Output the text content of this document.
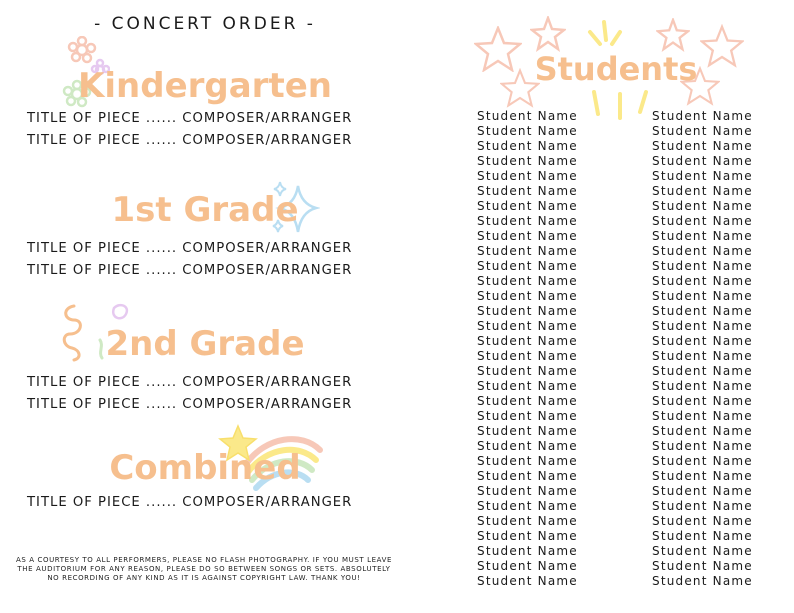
- CONCERT ORDER -
Kindergarten
TITLE OF PIECE ...... COMPOSER/ARRANGER
TITLE OF PIECE ...... COMPOSER/ARRANGER
1st Grade
TITLE OF PIECE ...... COMPOSER/ARRANGER
TITLE OF PIECE ...... COMPOSER/ARRANGER
2nd Grade
TITLE OF PIECE ...... COMPOSER/ARRANGER
TITLE OF PIECE ...... COMPOSER/ARRANGER
Combined
TITLE OF PIECE ...... COMPOSER/ARRANGER
AS A COURTESY TO ALL PERFORMERS, PLEASE NO FLASH PHOTOGRAPHY. IF YOU MUST LEAVE THE AUDITORIUM FOR ANY REASON, PLEASE DO SO BETWEEN SONGS OR SETS. ABSOLUTELY NO RECORDING OF ANY KIND AS IT IS AGAINST COPYRIGHT LAW. THANK YOU!
Students
Student Name
Student Name
Student Name
Student Name
Student Name
Student Name
Student Name
Student Name
Student Name
Student Name
Student Name
Student Name
Student Name
Student Name
Student Name
Student Name
Student Name
Student Name
Student Name
Student Name
Student Name
Student Name
Student Name
Student Name
Student Name
Student Name
Student Name
Student Name
Student Name
Student Name
Student Name
Student Name
Student Name
Student Name
Student Name
Student Name
Student Name
Student Name
Student Name
Student Name
Student Name
Student Name
Student Name
Student Name
Student Name
Student Name
Student Name
Student Name
Student Name
Student Name
Student Name
Student Name
Student Name
Student Name
Student Name
Student Name
Student Name
Student Name
Student Name
Student Name
Student Name
Student Name
Student Name
Student Name
